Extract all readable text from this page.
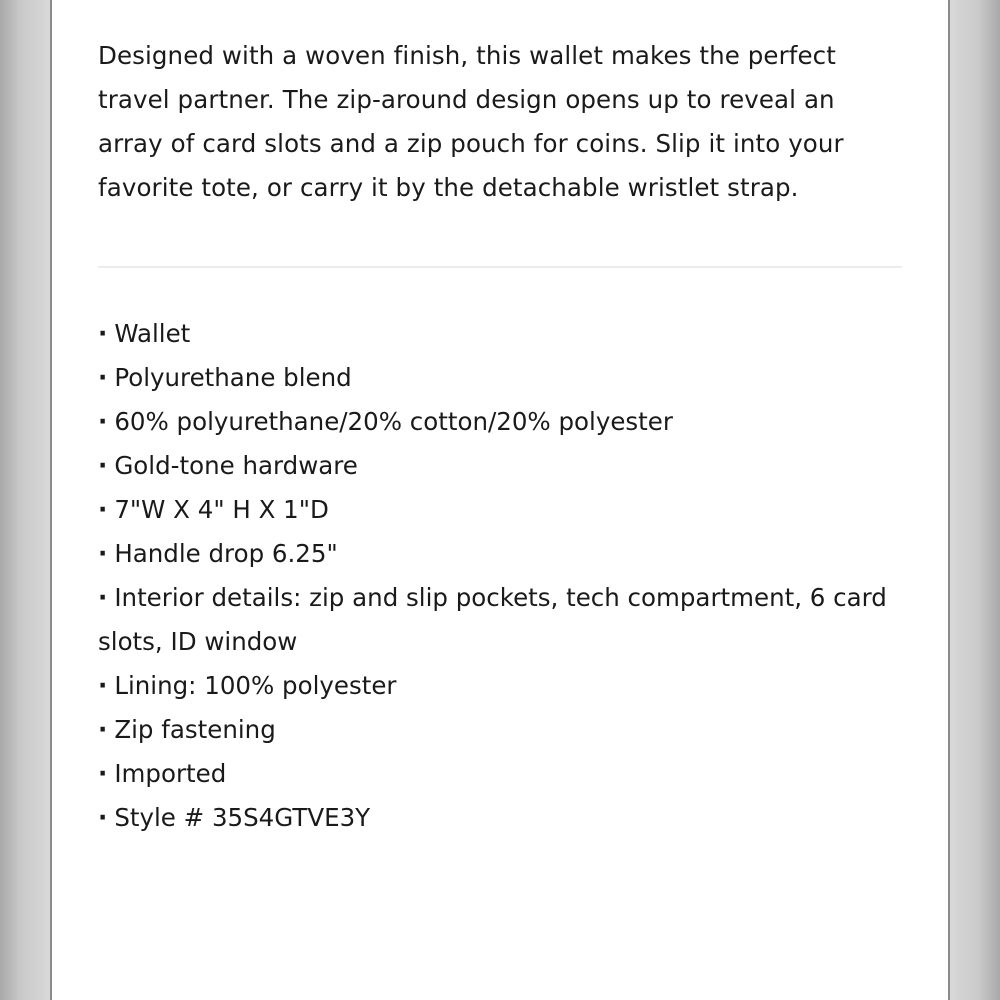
Designed with a woven finish, this wallet makes the perfect travel partner. The zip-around design opens up to reveal an array of card slots and a zip pouch for coins. Slip it into your favorite tote, or carry it by the detachable wristlet strap.

· Wallet
· Polyurethane blend
· 60% polyurethane/20% cotton/20% polyester
· Gold-tone hardware
· 7"W X 4" H X 1"D
· Handle drop 6.25"
· Interior details: zip and slip pockets, tech compartment, 6 card slots, ID window
· Lining: 100% polyester
· Zip fastening
· Imported
· Style # 35S4GTVE3Y
